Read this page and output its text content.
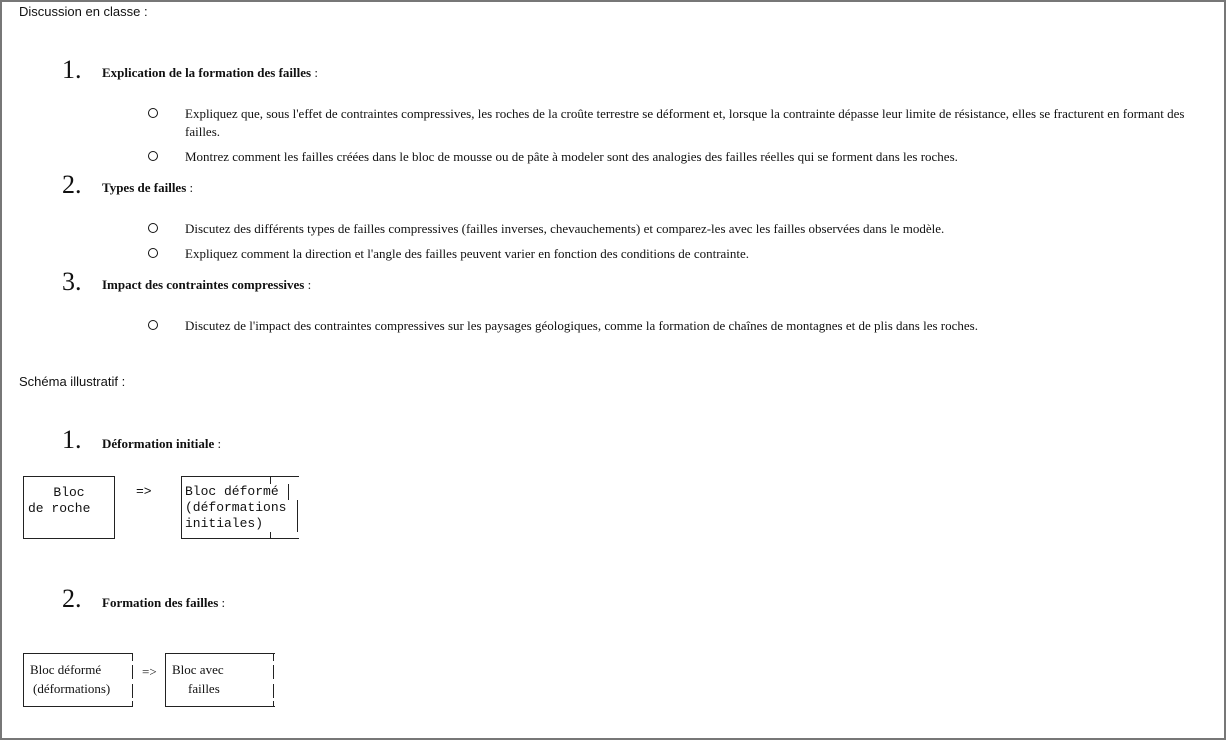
Discussion en classe :
1. Explication de la formation des failles :
Expliquez que, sous l'effet de contraintes compressives, les roches de la croûte terrestre se déforment et, lorsque la contrainte dépasse leur limite de résistance, elles se fracturent en formant des failles.
Montrez comment les failles créées dans le bloc de mousse ou de pâte à modeler sont des analogies des failles réelles qui se forment dans les roches.
2. Types de failles :
Discutez des différents types de failles compressives (failles inverses, chevauchements) et comparez-les avec les failles observées dans le modèle.
Expliquez comment la direction et l'angle des failles peuvent varier en fonction des conditions de contrainte.
3. Impact des contraintes compressives :
Discutez de l'impact des contraintes compressives sur les paysages géologiques, comme la formation de chaînes de montagnes et de plis dans les roches.
Schéma illustratif :
1. Déformation initiale :
Bloc
de roche
=>	Bloc déformé
(déformations
initiales)
2. Formation des failles :
Bloc déformé
(déformations)
=> Bloc avec
failles
